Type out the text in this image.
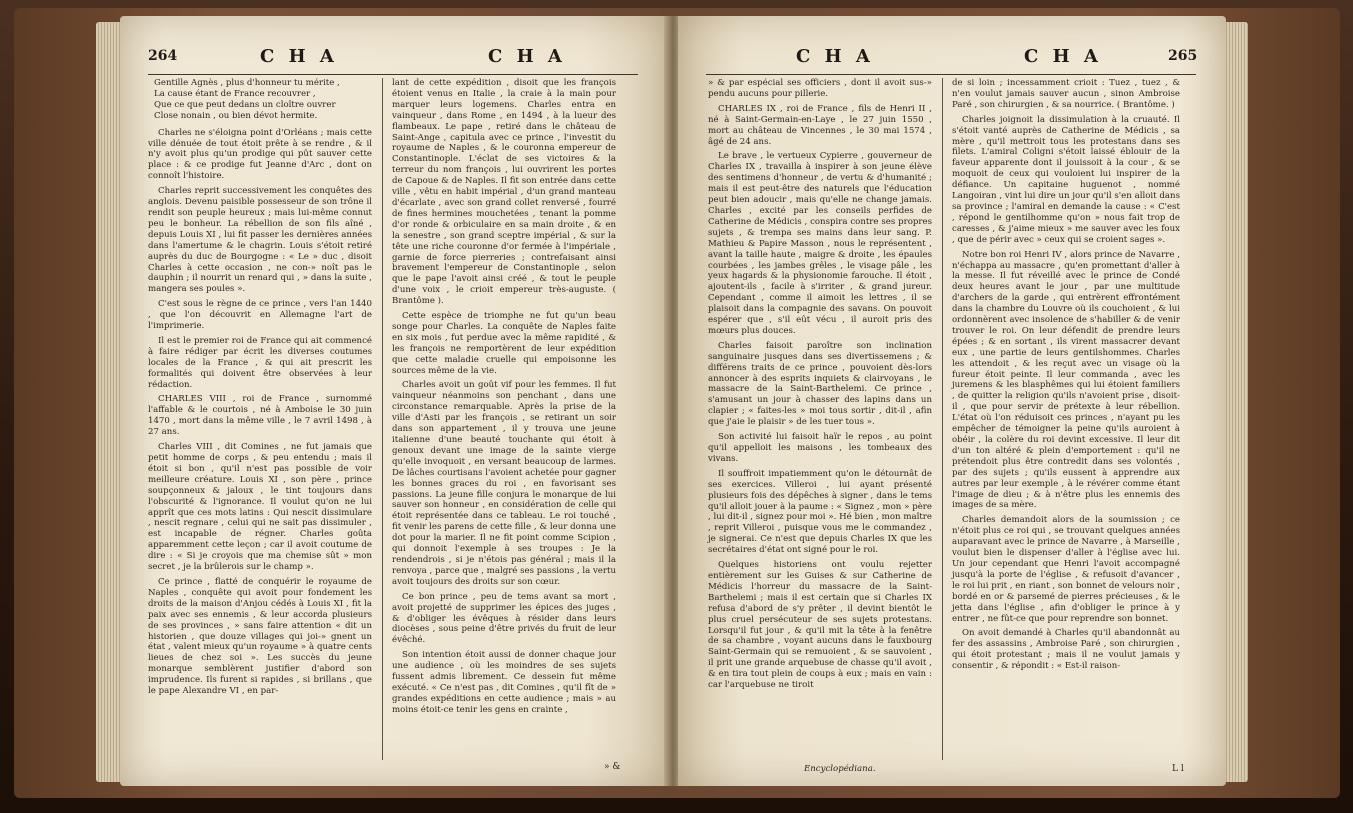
264	C H A	C H A

Gentille Agnès , plus d'honneur tu mérite ,

La cause étant de France recouvrer ,

Que ce que peut dedans un cloître ouvrer

Close nonain , ou bien dévot hermite.

Charles ne s'éloigna point d'Orléans ; mais cette ville dénuée de tout étoit prête à se rendre , & il n'y avoit plus qu'un prodige qui pût sauver cette place : & ce prodige fut Jeanne d'Arc , dont on connoît l'histoire.

Charles reprit successivement les conquêtes des anglois. Devenu paisible possesseur de son trône il rendit son peuple heureux ; mais lui-même connut peu le bonheur. La rébellion de son fils aîné , depuis Louis XI , lui fit passer les dernières années dans l'amertume & le chagrin. Louis s'étoit retiré auprès du duc de Bourgogne : « Le » duc , disoit Charles à cette occasion , ne con-» noît pas le dauphin ; il nourrit un renard qui , » dans la suite , mangera ses poules ».

C'est sous le règne de ce prince , vers l'an 1440 , que l'on découvrit en Allemagne l'art de l'imprimerie.

Il est le premier roi de France qui ait commencé à faire rédiger par écrit les diverses coutumes locales de la France , & qui ait prescrit les formalités qui doivent être observées à leur rédaction.

CHARLES VIII , roi de France , surnommé l'affable & le courtois , né à Amboise le 30 juin 1470 , mort dans la même ville , le 7 avril 1498 , à 27 ans.

Charles VIII , dit Comines , ne fut jamais que petit homme de corps , & peu entendu ; mais il étoit si bon , qu'il n'est pas possible de voir meilleure créature. Louis XI , son père , prince soupçonneux & jaloux , le tint toujours dans l'obscurité & l'ignorance. Il voulut qu'on ne lui apprît que ces mots latins : Qui nescit dissimulare , nescit regnare , celui qui ne sait pas dissimuler , est incapable de régner. Charles goûta apparemment cette leçon ; car il avoit coutume de dire : « Si je croyois que ma chemise sût » mon secret , je la brûlerois sur le champ ».

Ce prince , flatté de conquérir le royaume de Naples , conquête qui avoit pour fondement les droits de la maison d'Anjou cédés à Louis XI , fit la paix avec ses ennemis , & leur accorda plusieurs de ses provinces , » sans faire attention « dit un historien , que douze villages qui joi-» gnent un état , valent mieux qu'un royaume » à quatre cents lieues de chez soi ». Les succès du jeune monarque semblèrent justifier d'abord son imprudence. Ils furent si rapides , si brillans , que le pape Alexandre VI , en par-

lant de cette expédition , disoit que les françois étoient venus en Italie , la craie à la main pour marquer leurs logemens. Charles entra en vainqueur , dans Rome , en 1494 , à la lueur des flambeaux. Le pape , retiré dans le château de Saint-Ange , capitula avec ce prince , l'investit du royaume de Naples , & le couronna empereur de Constantinople. L'éclat de ses victoires & la terreur du nom françois , lui ouvrirent les portes de Capoue & de Naples. Il fit son entrée dans cette ville , vêtu en habit impérial , d'un grand manteau d'écarlate , avec son grand collet renversé , fourré de fines hermines mouchetées , tenant la pomme d'or ronde & orbiculaire en sa main droite , & en la senestre , son grand sceptre impérial , & sur la tête une riche couronne d'or fermée à l'impériale , garnie de force pierreries ; contrefaisant ainsi bravement l'empereur de Constantinople , selon que le pape l'avoit ainsi créé , & tout le peuple d'une voix , le crioit empereur très-auguste. ( Brantôme ).

Cette espèce de triomphe ne fut qu'un beau songe pour Charles. La conquête de Naples faite en six mois , fut perdue avec la même rapidité , & les françois ne remportèrent de leur expédition que cette maladie cruelle qui empoisonne les sources même de la vie.

Charles avoit un goût vif pour les femmes. Il fut vainqueur néanmoins son penchant , dans une circonstance remarquable. Après la prise de la ville d'Asti par les françois , se retirant un soir dans son appartement , il y trouva une jeune italienne d'une beauté touchante qui étoit à genoux devant une image de la sainte vierge qu'elle invoquoit , en versant beaucoup de larmes. De lâches courtisans l'avoient achetée pour gagner les bonnes graces du roi , en favorisant ses passions. La jeune fille conjura le monarque de lui sauver son honneur , en considération de celle qui étoit représentée dans ce tableau. Le roi touché , fit venir les parens de cette fille , & leur donna une dot pour la marier. Il ne fit point comme Scipion , qui donnoit l'exemple à ses troupes : Je la rendendrois , si je n'étois pas général ; mais il la renvoya , parce que , malgré ses passions , la vertu avoit toujours des droits sur son cœur.

Ce bon prince , peu de tems avant sa mort , avoit projetté de supprimer les épices des juges , & d'obliger les évêques à résider dans leurs diocèses , sous peine d'être privés du fruit de leur évêché.

Son intention étoit aussi de donner chaque jour une audience , où les moindres de ses sujets fussent admis librement. Ce dessein fut même exécuté. « Ce n'est pas , dit Comines , qu'il fît de » grandes expéditions en cette audience ; mais » au moins étoit-ce tenir les gens en crainte ,

» &
C H A	C H A	265

» & par espécial ses officiers , dont il avoit sus-» pendu aucuns pour pillerie.

CHARLES IX , roi de France , fils de Henri II , né à Saint-Germain-en-Laye , le 27 juin 1550 , mort au château de Vincennes , le 30 mai 1574 , âgé de 24 ans.

Le brave , le vertueux Cypierre , gouverneur de Charles IX , travailla à inspirer à son jeune élève des sentimens d'honneur , de vertu & d'humanité ; mais il est peut-être des naturels que l'éducation peut bien adoucir , mais qu'elle ne change jamais. Charles , excité par les conseils perfides de Catherine de Médicis , conspira contre ses propres sujets , & trempa ses mains dans leur sang. P. Mathieu & Papire Masson , nous le représentent , avant la taille haute , maigre & droite , les épaules courbées , les jambes grêles , le visage pâle , les yeux hagards & la physionomie farouche. Il étoit , ajoutent-ils , facile à s'irriter , & grand jureur. Cependant , comme il aimoit les lettres , il se plaisoit dans la compagnie des savans. On pouvoit espérer que , s'il eût vécu , il auroit pris des mœurs plus douces.

Charles faisoit paroître son inclination sanguinaire jusques dans ses divertissemens ; & différens traits de ce prince , pouvoient dès-lors annoncer à des esprits inquiets & clairvoyans , le massacre de la Saint-Barthelemi. Ce prince , s'amusant un jour à chasser des lapins dans un clapier ; « faites-les » moi tous sortir , dit-il , afin que j'aie le plaisir » de les tuer tous ».

Son activité lui faisoit haïr le repos , au point qu'il appelloit les maisons , les tombeaux des vivans.

Il souffroit impatiemment qu'on le détournât de ses exercices. Villeroi , lui ayant présenté plusieurs fois des dépêches à signer , dans le tems qu'il alloit jouer à la paume : « Signez , mon » père , lui dit-il , signez pour moi ». Hé bien , mon maître , reprit Villeroi , puisque vous me le commandez , je signerai. Ce n'est que depuis Charles IX que les secrétaires d'état ont signé pour le roi.

Quelques historiens ont voulu rejetter entièrement sur les Guises & sur Catherine de Médicis l'horreur du massacre de la Saint-Barthelemi ; mais il est certain que si Charles IX refusa d'abord de s'y prêter , il devint bientôt le plus cruel persécuteur de ses sujets protestans. Lorsqu'il fut jour , & qu'il mit la tête à la fenêtre de sa chambre , voyant aucuns dans le fauxbourg Saint-Germain qui se remuoient , & se sauvoient , il prit une grande arquebuse de chasse qu'il avoit , & en tira tout plein de coups à eux ; mais en vain : car l'arquebuse ne tiroit

de si loin ; incessamment crioit : Tuez , tuez , & n'en voulut jamais sauver aucun , sinon Ambroise Paré , son chirurgien , & sa nourrice. ( Brantôme. )

Charles joignoit la dissimulation à la cruauté. Il s'étoit vanté auprès de Catherine de Médicis , sa mère , qu'il mettroit tous les protestans dans ses filets. L'amiral Coligni s'étoit laissé éblouir de la faveur apparente dont il jouissoit à la cour , & se moquoit de ceux qui vouloient lui inspirer de la défiance. Un capitaine huguenot , nommé Langoiran , vint lui dire un jour qu'il s'en alloit dans sa province ; l'amiral en demande la cause : « C'est , répond le gentilhomme qu'on » nous fait trop de caresses , & j'aime mieux » me sauver avec les foux , que de périr avec » ceux qui se croient sages ».

Notre bon roi Henri IV , alors prince de Navarre , n'échappa au massacre , qu'en promettant d'aller à la messe. Il fut réveillé avec le prince de Condé deux heures avant le jour , par une multitude d'archers de la garde , qui entrèrent effrontément dans la chambre du Louvre où ils couchoient , & lui ordonnèrent avec insolence de s'habiller & de venir trouver le roi. On leur défendit de prendre leurs épées ; & en sortant , ils virent massacrer devant eux , une partie de leurs gentilshommes. Charles les attendoit , & les reçut avec un visage où la fureur étoit peinte. Il leur commanda , avec les juremens & les blasphêmes qui lui étoient familiers , de quitter la religion qu'ils n'avoient prise , disoit-il , que pour servir de prétexte à leur rébellion. L'état où l'on réduisoit ces princes , n'ayant pu les empêcher de témoigner la peine qu'ils auroient à obéir , la colère du roi devint excessive. Il leur dit d'un ton altéré & plein d'emportement : qu'il ne prétendoit plus être contredit dans ses volontés , par des sujets ; qu'ils eussent à apprendre aux autres par leur exemple , à le révérer comme étant l'image de dieu ; & à n'être plus les ennemis des images de sa mère.

Charles demandoit alors de la soumission ; ce n'étoit plus ce roi qui , se trouvant quelques années auparavant avec le prince de Navarre , à Marseille , voulut bien le dispenser d'aller à l'église avec lui. Un jour cependant que Henri l'avoit accompagné jusqu'à la porte de l'église , & refusoit d'avancer , le roi lui prit , en riant , son bonnet de velours noir , bordé en or & parsemé de pierres précieuses , & le jetta dans l'église , afin d'obliger le prince à y entrer , ne fût-ce que pour reprendre son bonnet.

On avoit demandé à Charles qu'il abandonnât au fer des assassins , Ambroise Paré , son chirurgien , qui étoit protestant ; mais il ne voulut jamais y consentir , & répondit : « Est-il raison-

Encyclopédiana.	L l
